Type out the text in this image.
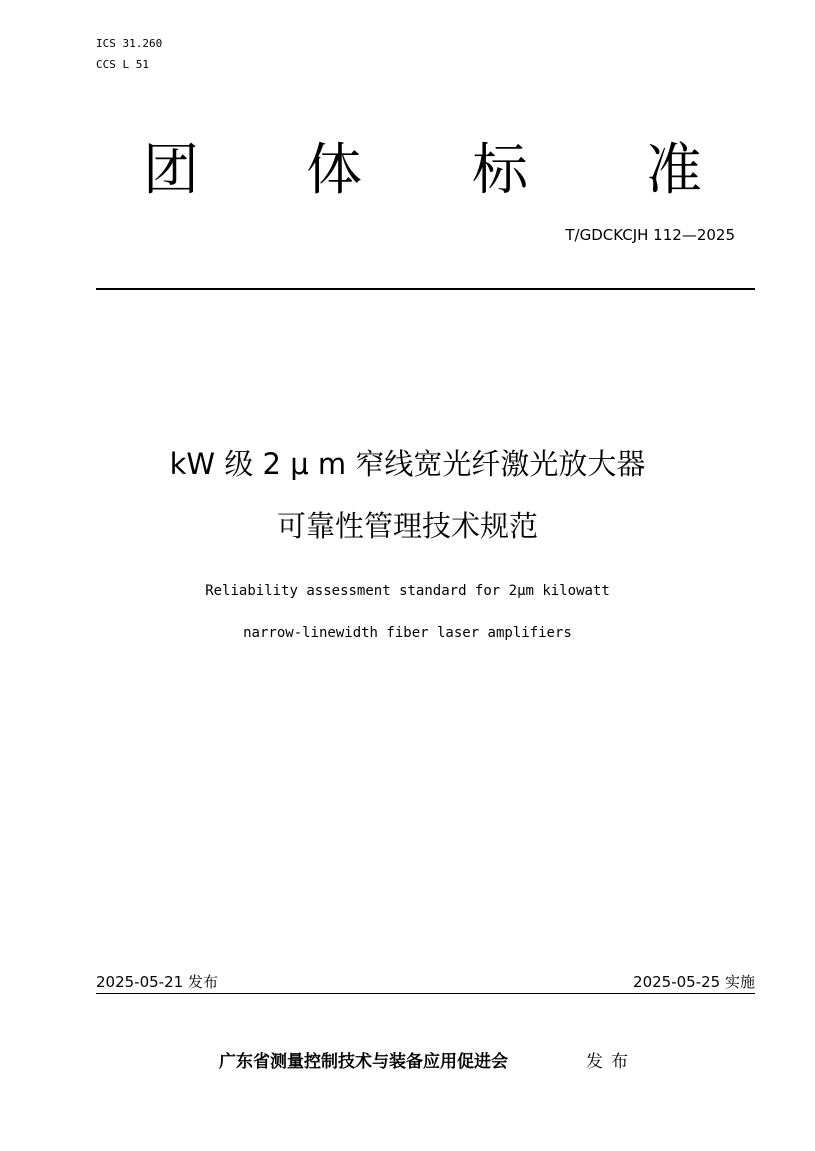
ICS 31.260
CCS L 51
团 体 标 准
T/GDCKCJH 112—2025
kW 级 2 μ m 窄线宽光纤激光放大器
可靠性管理技术规范
Reliability assessment standard for 2μm kilowatt
narrow-linewidth fiber laser amplifiers
2025-05-21 发布	2025-05-25 实施
广东省测量控制技术与装备应用促进会	发布
